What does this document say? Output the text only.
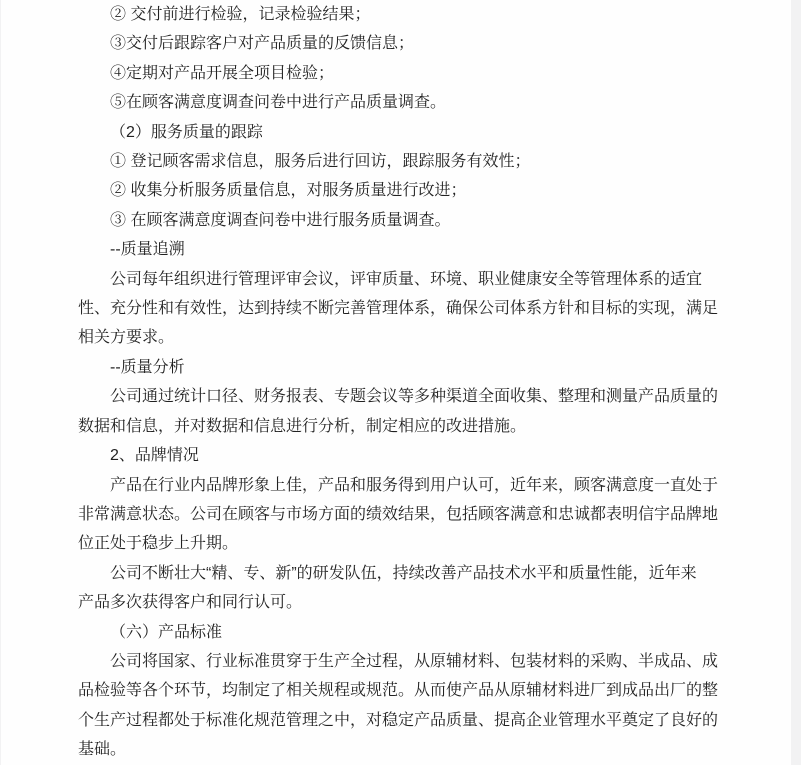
② 交付前进行检验，记录检验结果；
③交付后跟踪客户对产品质量的反馈信息；
④定期对产品开展全项目检验；
⑤在顾客满意度调查问卷中进行产品质量调查。
（2）服务质量的跟踪
① 登记顾客需求信息，服务后进行回访，跟踪服务有效性；
② 收集分析服务质量信息，对服务质量进行改进；
③ 在顾客满意度调查问卷中进行服务质量调查。
--质量追溯
公司每年组织进行管理评审会议，评审质量、环境、职业健康安全等管理体系的适宜
性、充分性和有效性，达到持续不断完善管理体系，确保公司体系方针和目标的实现，满足
相关方要求。
--质量分析
公司通过统计口径、财务报表、专题会议等多种渠道全面收集、整理和测量产品质量的
数据和信息，并对数据和信息进行分析，制定相应的改进措施。
2、品牌情况
产品在行业内品牌形象上佳，产品和服务得到用户认可，近年来，顾客满意度一直处于
非常满意状态。公司在顾客与市场方面的绩效结果，包括顾客满意和忠诚都表明信宇品牌地
位正处于稳步上升期。
公司不断壮大“精、专、新”的研发队伍，持续改善产品技术水平和质量性能，近年来
产品多次获得客户和同行认可。
（六）产品标准
公司将国家、行业标准贯穿于生产全过程，从原辅材料、包装材料的采购、半成品、成
品检验等各个环节，均制定了相关规程或规范。从而使产品从原辅材料进厂到成品出厂的整
个生产过程都处于标准化规范管理之中，对稳定产品质量、提高企业管理水平奠定了良好的
基础。
